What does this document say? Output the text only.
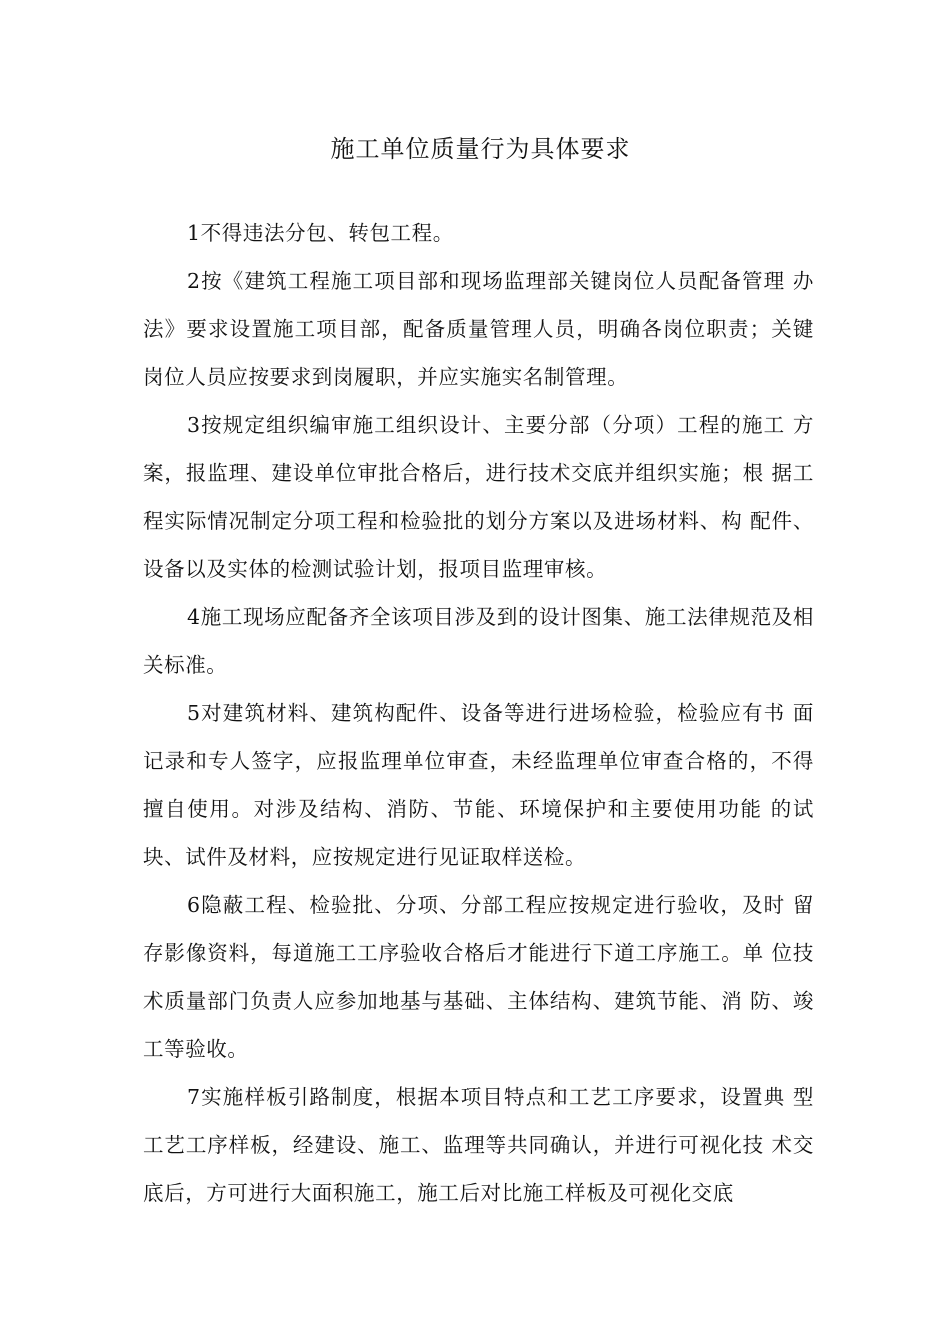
施工单位质量行为具体要求

1不得违法分包、转包工程。

2按《建筑工程施工项目部和现场监理部关键岗位人员配备管理 办法》要求设置施工项目部，配备质量管理人员，明确各岗位职责；关键岗位人员应按要求到岗履职，并应实施实名制管理。

3按规定组织编审施工组织设计、主要分部（分项）工程的施工 方案，报监理、建设单位审批合格后，进行技术交底并组织实施；根 据工程实际情况制定分项工程和检验批的划分方案以及进场材料、构 配件、设备以及实体的检测试验计划，报项目监理审核。

4施工现场应配备齐全该项目涉及到的设计图集、施工法律规范及相关标准。

5对建筑材料、建筑构配件、设备等进行进场检验，检验应有书 面记录和专人签字，应报监理单位审查，未经监理单位审查合格的，不得擅自使用。对涉及结构、消防、节能、环境保护和主要使用功能 的试块、试件及材料，应按规定进行见证取样送检。

6隐蔽工程、检验批、分项、分部工程应按规定进行验收，及时 留存影像资料，每道施工工序验收合格后才能进行下道工序施工。单 位技术质量部门负责人应参加地基与基础、主体结构、建筑节能、消 防、竣工等验收。

7实施样板引路制度，根据本项目特点和工艺工序要求，设置典 型工艺工序样板，经建设、施工、监理等共同确认，并进行可视化技 术交底后，方可进行大面积施工，施工后对比施工样板及可视化交底
